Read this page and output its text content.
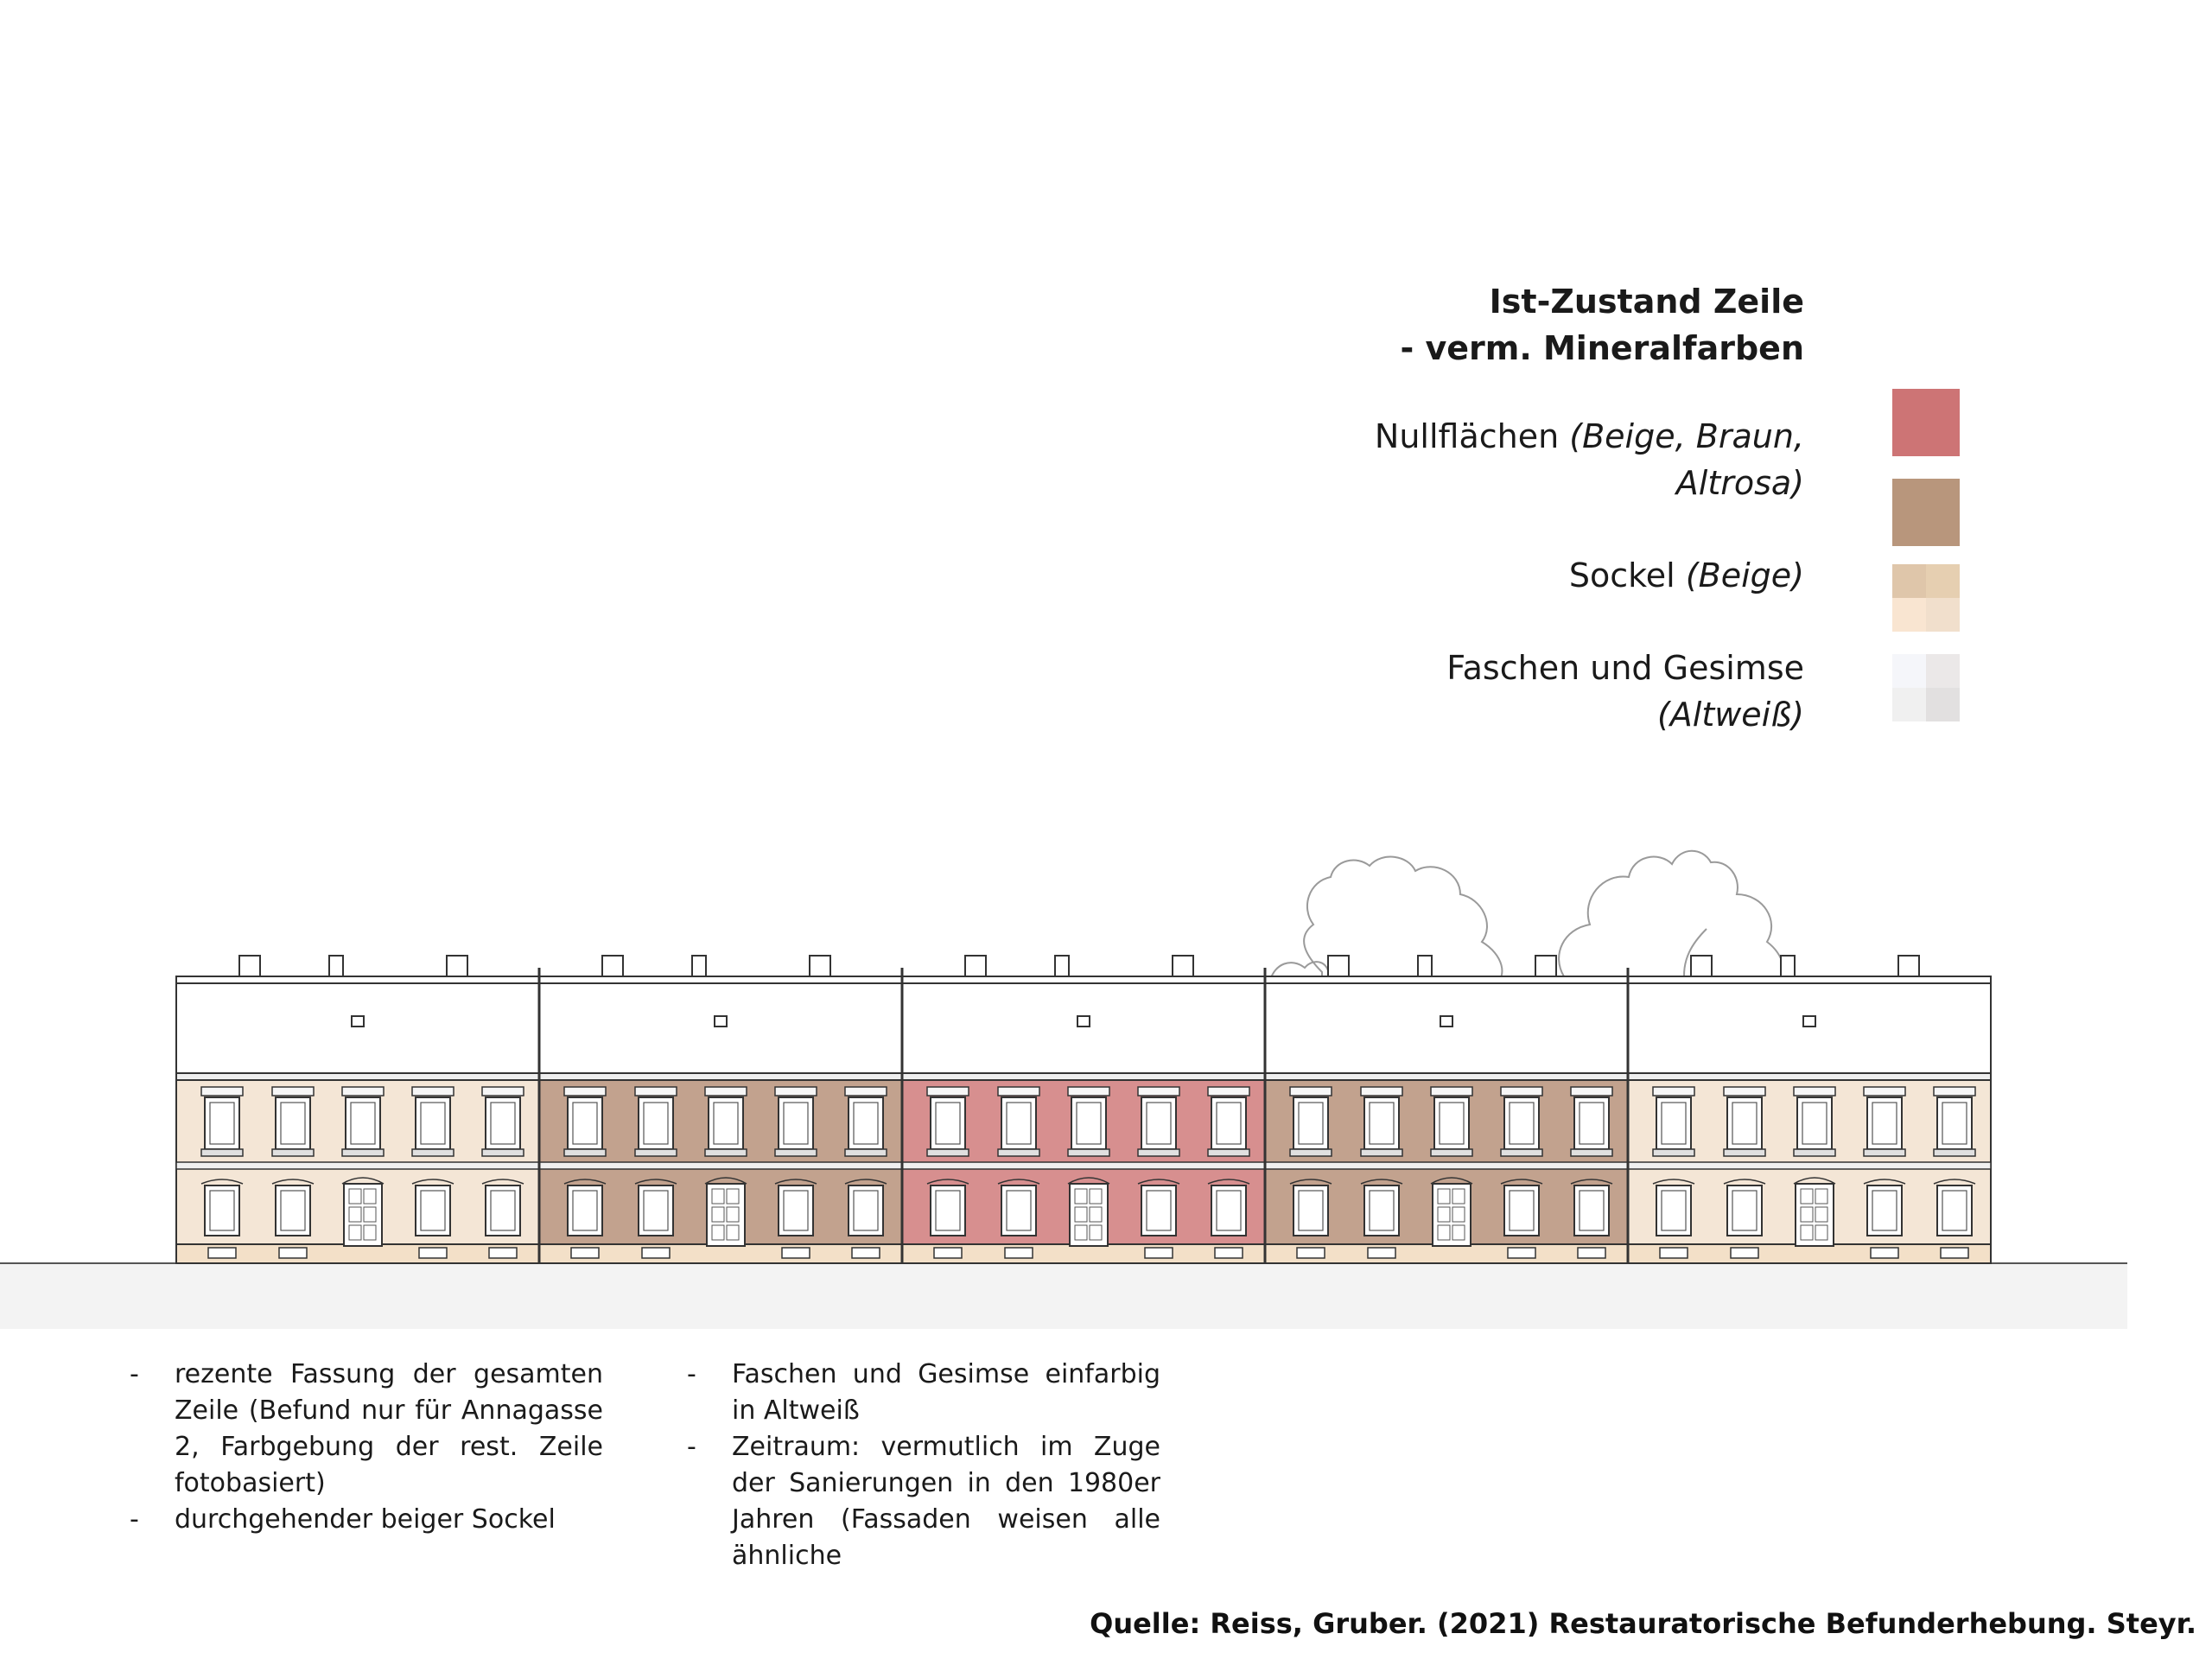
Ist-Zustand Zeile
- verm. Mineralfarben
Nullflächen (Beige, Braun,
Altrosa)
Sockel (Beige)
Faschen und Gesimse
(Altweiß)
- rezente Fassung der gesamten Zeile (Befund nur für Annagasse 2, Farbgebung der rest. Zeile fotobasiert)
- durchgehender beiger Sockel
- Faschen und Gesimse einfarbig in Altweiß
- Zeitraum: vermutlich im Zuge der Sanierungen in den 1980er Jahren (Fassaden weisen alle ähnliche
Quelle: Reiss, Gruber. (2021) Restauratorische Befunderhebung. Steyr.
